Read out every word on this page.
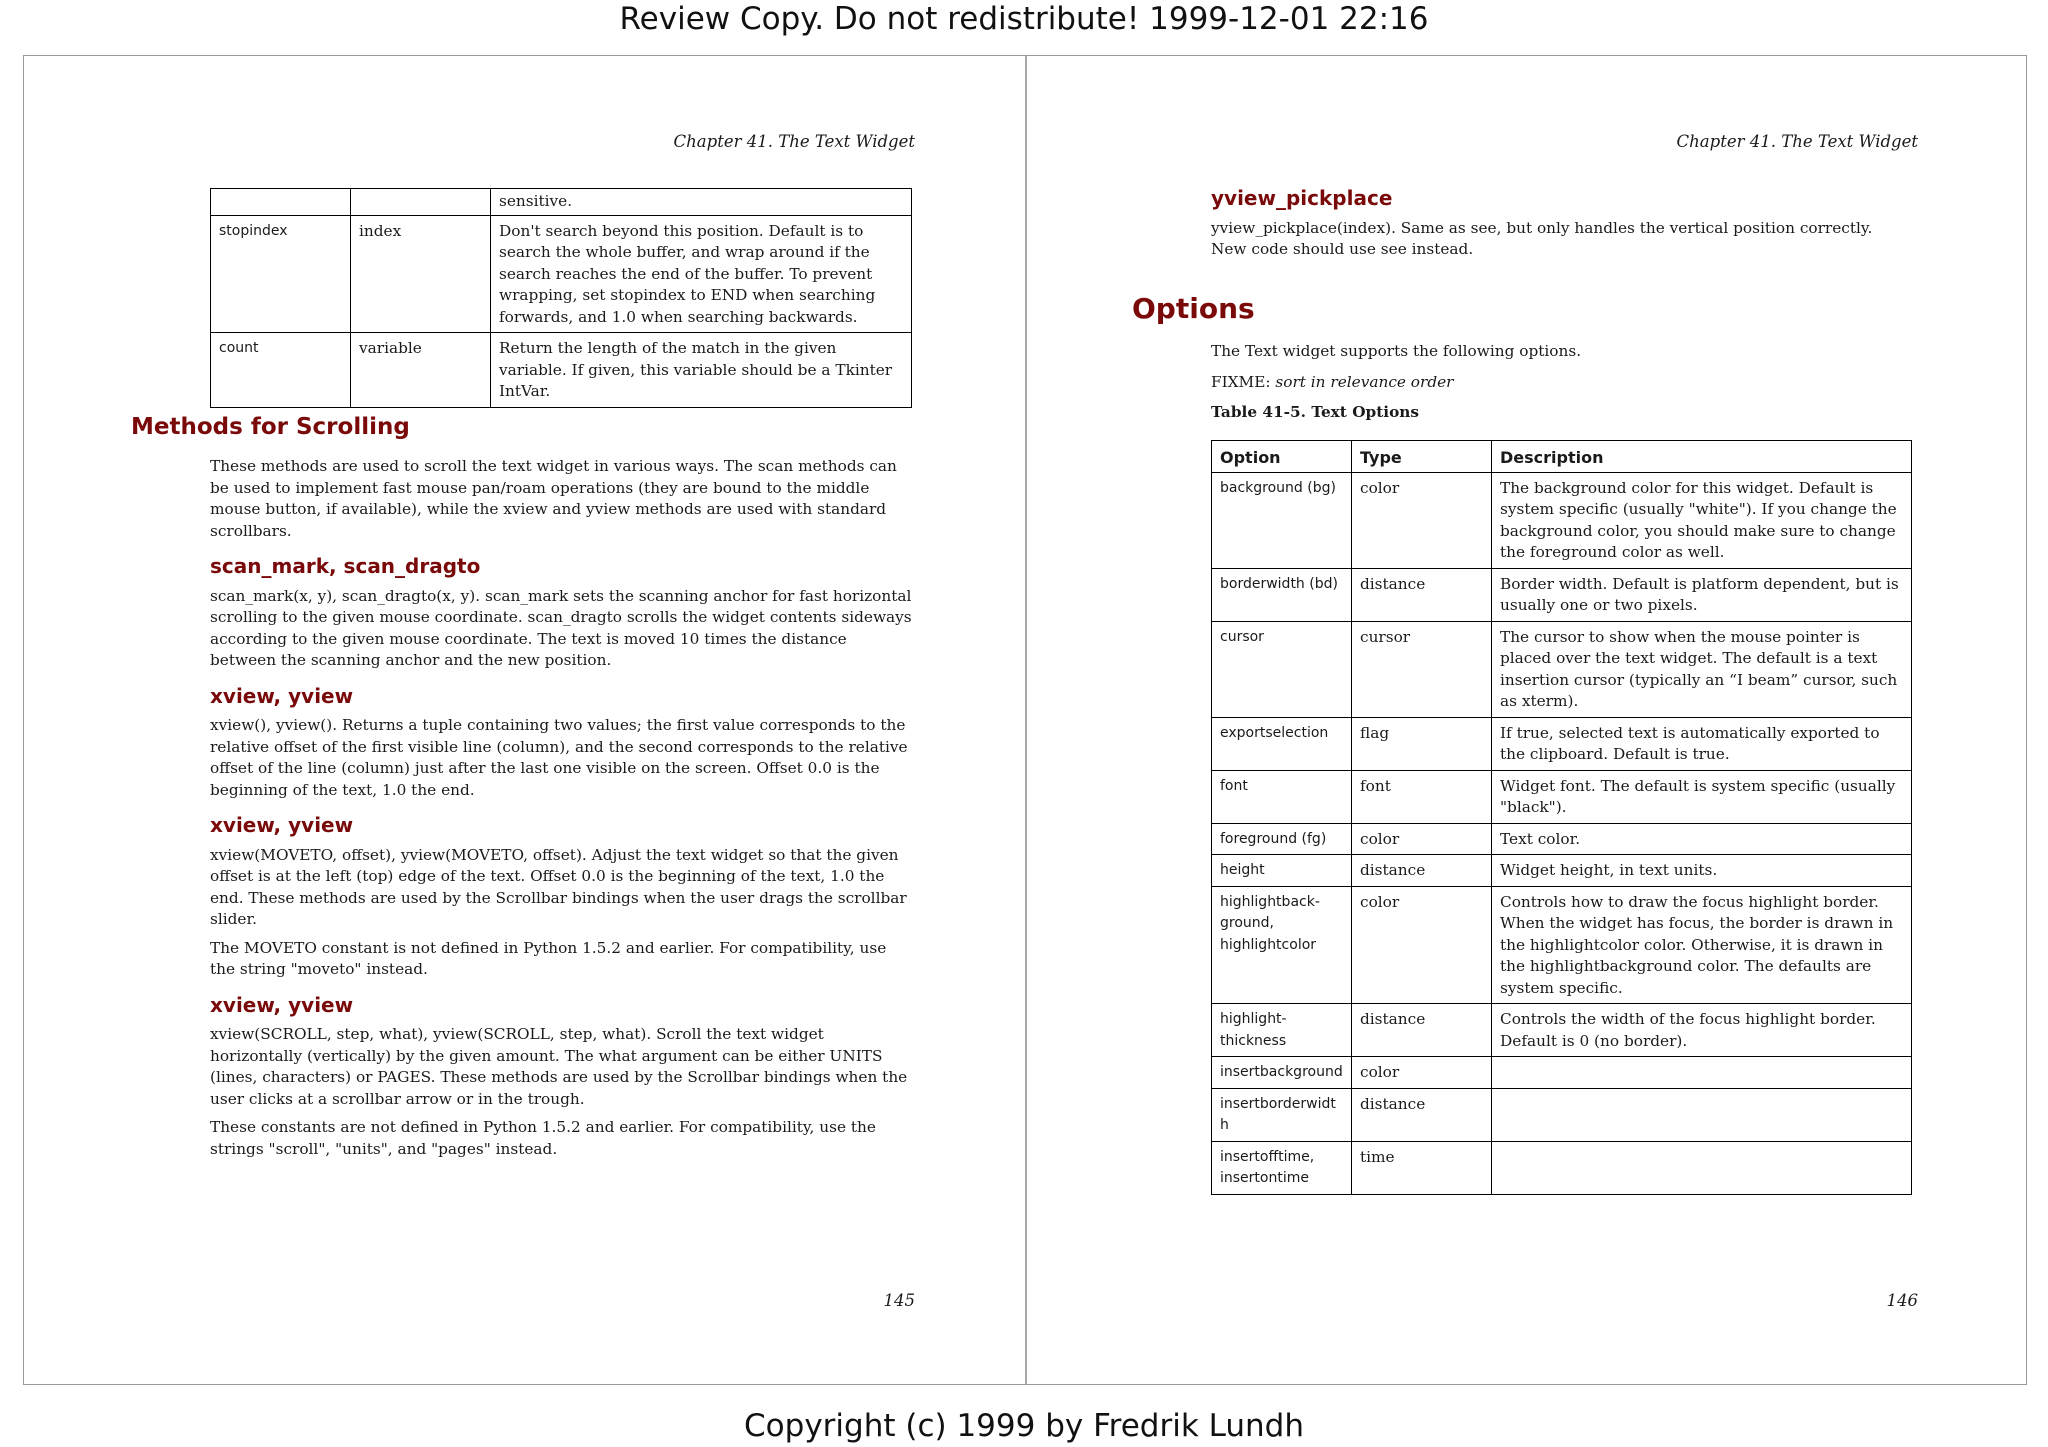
Review Copy. Do not redistribute! 1999-12-01 22:16
Chapter 41. The Text Widget
		sensitive.
stopindex	index	Don't search beyond this position. Default is to search the whole buffer, and wrap around if the search reaches the end of the buffer. To prevent wrapping, set stopindex to END when searching forwards, and 1.0 when searching backwards.
count	variable	Return the length of the match in the given variable. If given, this variable should be a Tkinter IntVar.
Methods for Scrolling

These methods are used to scroll the text widget in various ways. The scan methods can be used to implement fast mouse pan/roam operations (they are bound to the middle mouse button, if available), while the xview and yview methods are used with standard scrollbars.

scan_mark, scan_dragto

scan_mark(x, y), scan_dragto(x, y). scan_mark sets the scanning anchor for fast horizontal scrolling to the given mouse coordinate. scan_dragto scrolls the widget contents sideways according to the given mouse coordinate. The text is moved 10 times the distance between the scanning anchor and the new position.

xview, yview

xview(), yview(). Returns a tuple containing two values; the first value corresponds to the relative offset of the first visible line (column), and the second corresponds to the relative offset of the line (column) just after the last one visible on the screen. Offset 0.0 is the beginning of the text, 1.0 the end.

xview, yview

xview(MOVETO, offset), yview(MOVETO, offset). Adjust the text widget so that the given offset is at the left (top) edge of the text. Offset 0.0 is the beginning of the text, 1.0 the end. These methods are used by the Scrollbar bindings when the user drags the scrollbar slider.

The MOVETO constant is not defined in Python 1.5.2 and earlier. For compatibility, use the string "moveto" instead.

xview, yview

xview(SCROLL, step, what), yview(SCROLL, step, what). Scroll the text widget horizontally (vertically) by the given amount. The what argument can be either UNITS (lines, characters) or PAGES. These methods are used by the Scrollbar bindings when the user clicks at a scrollbar arrow or in the trough.

These constants are not defined in Python 1.5.2 and earlier. For compatibility, use the strings "scroll", "units", and "pages" instead.

145
Chapter 41. The Text Widget
yview_pickplace

yview_pickplace(index). Same as see, but only handles the vertical position correctly. New code should use see instead.

Options

The Text widget supports the following options.

FIXME: sort in relevance order

Table 41-5. Text Options

Option	Type	Description
background (bg)	color	The background color for this widget. Default is system specific (usually "white"). If you change the background color, you should make sure to change the foreground color as well.
borderwidth (bd)	distance	Border width. Default is platform dependent, but is usually one or two pixels.
cursor	cursor	The cursor to show when the mouse pointer is placed over the text widget. The default is a text insertion cursor (typically an “I beam” cursor, such as xterm).
exportselection	flag	If true, selected text is automatically exported to the clipboard. Default is true.
font	font	Widget font. The default is system specific (usually "black").
foreground (fg)	color	Text color.
height	distance	Widget height, in text units.
highlightback-ground, highlightcolor	color	Controls how to draw the focus highlight border. When the widget has focus, the border is drawn in the highlightcolor color. Otherwise, it is drawn in the highlightbackground color. The defaults are system specific.
highlight-thickness	distance	Controls the width of the focus highlight border. Default is 0 (no border).
insertbackground	color	
insertborderwidth	distance	
insertofftime, insertontime	time	
146
Copyright (c) 1999 by Fredrik Lundh
